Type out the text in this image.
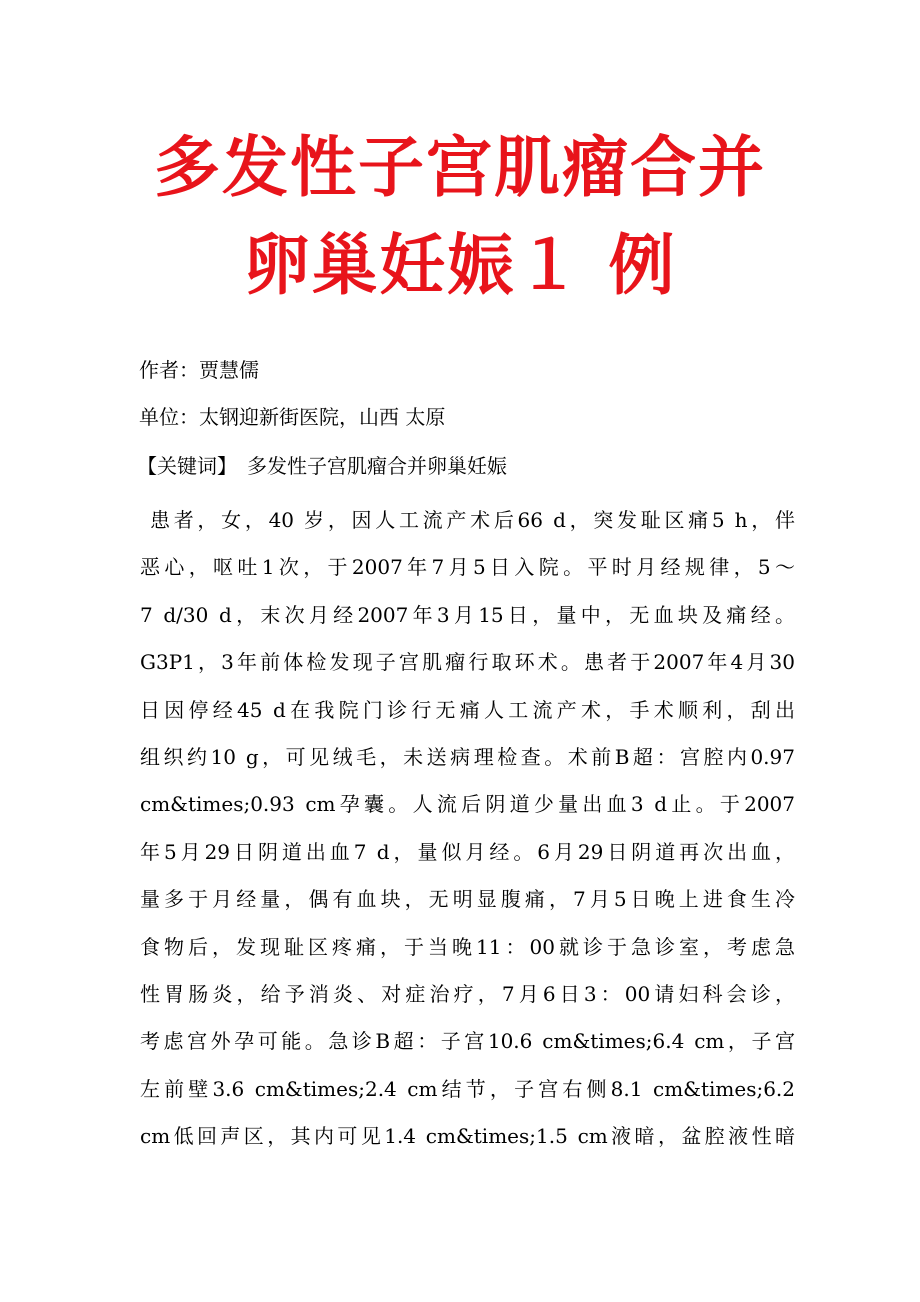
多发性子宫肌瘤合并
卵巢妊娠１ 例
作者：贾慧儒
单位：太钢迎新街医院，山西 太原
【关键词】 多发性子宫肌瘤合并卵巢妊娠
患者，女，40 岁，因人工流产术后66 d，突发耻区痛5 h，伴
恶心，呕吐1次，于2007年7月5日入院。平时月经规律，5～
7 d/30 d，末次月经2007年3月15日，量中，无血块及痛经。
G3P1，3年前体检发现子宫肌瘤行取环术。患者于2007年4月30
日因停经45 d在我院门诊行无痛人工流产术，手术顺利，刮出
组织约10 g，可见绒毛，未送病理检查。术前B超：宫腔内0.97
cm&times;0.93 cm孕囊。人流后阴道少量出血3 d止。于2007
年5月29日阴道出血7 d，量似月经。6月29日阴道再次出血，
量多于月经量，偶有血块，无明显腹痛，7月5日晚上进食生冷
食物后，发现耻区疼痛，于当晚11：00就诊于急诊室，考虑急
性胃肠炎，给予消炎、对症治疗，7月6日3：00请妇科会诊，
考虑宫外孕可能。急诊B超：子宫10.6 cm&times;6.4 cm，子宫
左前壁3.6 cm&times;2.4 cm结节，子宫右侧8.1 cm&times;6.2
cm低回声区，其内可见1.4 cm&times;1.5 cm液暗，盆腔液性暗
